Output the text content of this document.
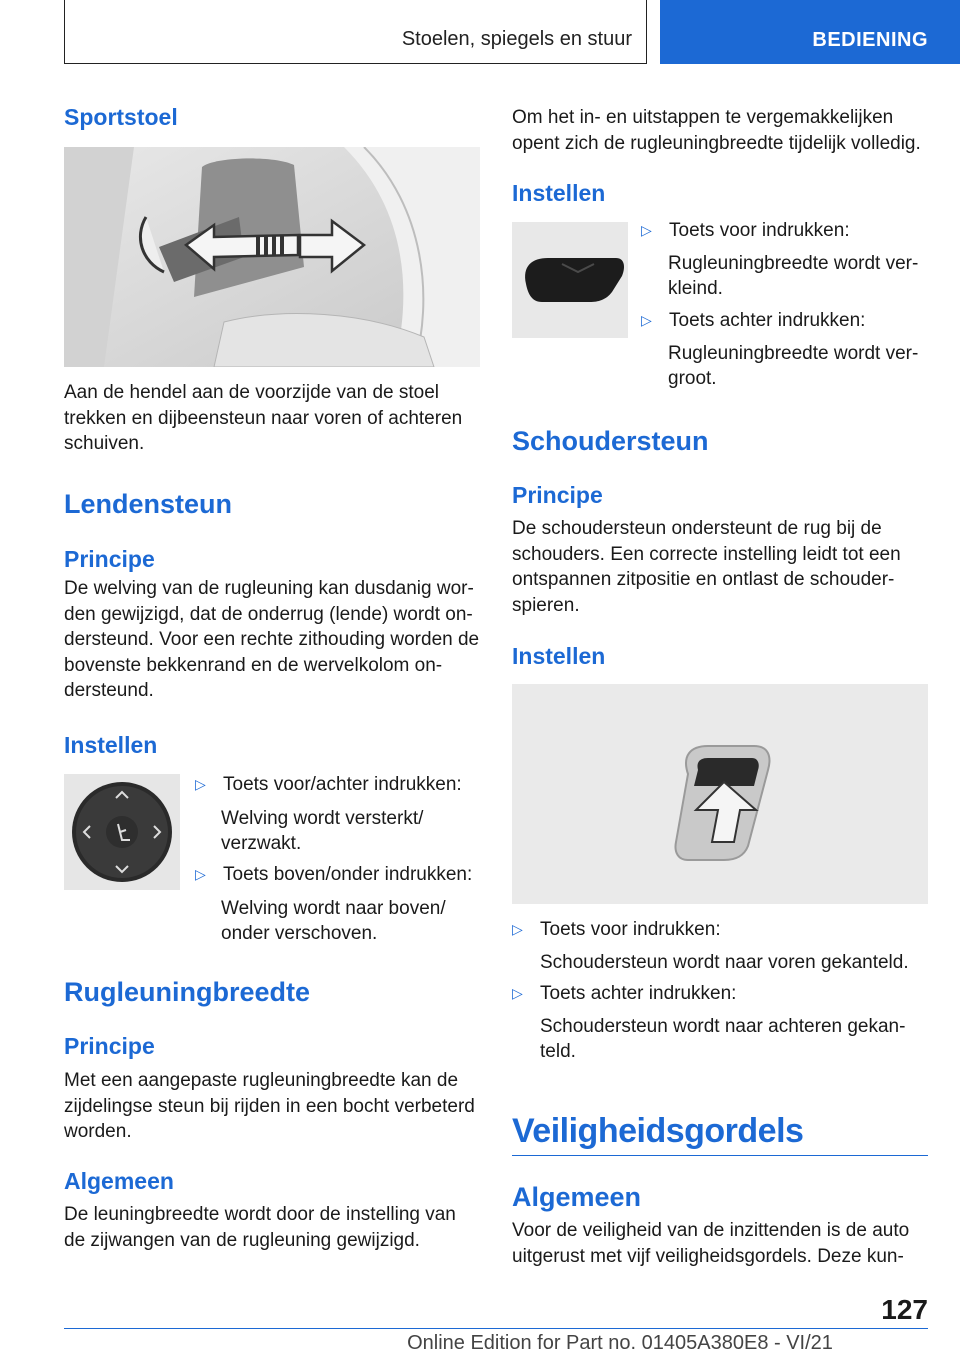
Stoelen, spiegels en stuur	BEDIENING
Sportstoel

Aan de hendel aan de voorzijde van de stoel trekken en dijbeensteun naar voren of achteren schuiven.

Lendensteun
Principe

De welving van de rugleuning kan dusdanig wor-den gewijzigd, dat de onderrug (lende) wordt on-dersteund. Voor een rechte zithouding worden de bovenste bekkenrand en de wervelkolom on-dersteund.

Instellen
▷ Toets voor/achter indrukken:
Welving wordt versterkt/
verzwakt.
▷ Toets boven/onder indrukken:
Welving wordt naar boven/
onder verschoven.
Rugleuningbreedte
Principe

Met een aangepaste rugleuningbreedte kan de zijdelingse steun bij rijden in een bocht verbeterd worden.

Algemeen

De leuningbreedte wordt door de instelling van de zijwangen van de rugleuning gewijzigd.

Om het in- en uitstappen te vergemakkelijken opent zich de rugleuningbreedte tijdelijk volledig.

Instellen
▷ Toets voor indrukken:
Rugleuningbreedte wordt ver-
kleind.
▷ Toets achter indrukken:
Rugleuningbreedte wordt ver-
groot.
Schoudersteun
Principe

De schoudersteun ondersteunt de rug bij de schouders. Een correcte instelling leidt tot een ontspannen zitpositie en ontlast de schouder-spieren.

Instellen
▷ Toets voor indrukken:
Schoudersteun wordt naar voren gekanteld.
▷ Toets achter indrukken:
Schoudersteun wordt naar achteren gekan-
teld.
Veiligheidsgordels
Algemeen

Voor de veiligheid van de inzittenden is de auto uitgerust met vijf veiligheidsgordels. Deze kun-

127
Online Edition for Part no. 01405A380E8 - VI/21
